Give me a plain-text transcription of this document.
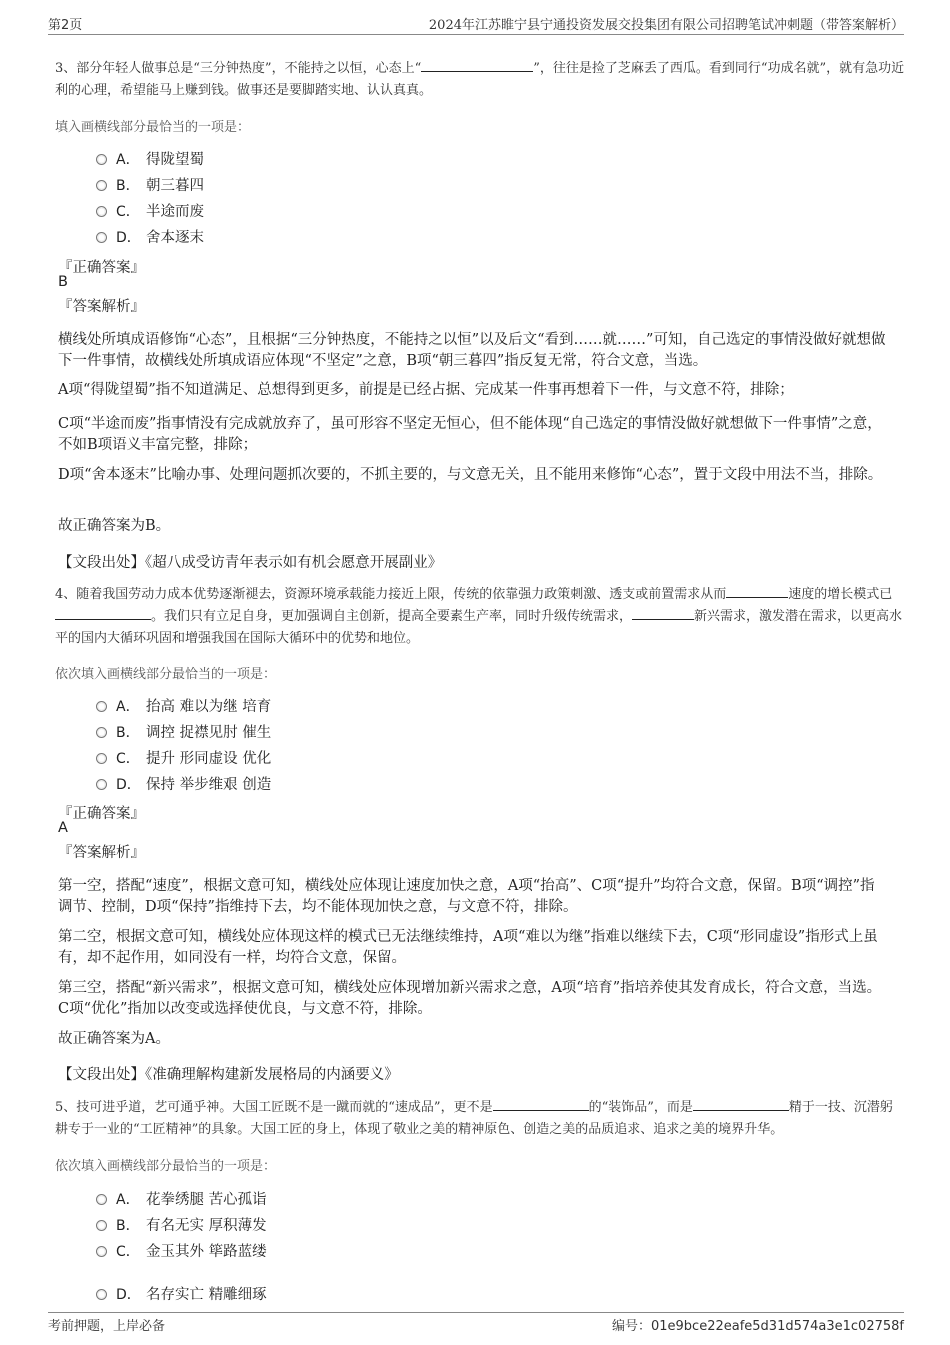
第2页	2024年江苏睢宁县宁通投资发展交投集团有限公司招聘笔试冲刺题（带答案解析）
3、部分年轻人做事总是“三分钟热度”，不能持之以恒，心态上“	”，往往是捡了芝麻丢了西瓜。看到同行“功成名就”，就有急功近利的心理，希望能马上赚到钱。做事还是要脚踏实地、认认真真。
填入画横线部分最恰当的一项是：
A． 得陇望蜀
B． 朝三暮四
C． 半途而废
D． 舍本逐末
『正确答案』
B
『答案解析』
横线处所填成语修饰“心态”，且根据“三分钟热度，不能持之以恒”以及后文“看到……就……”可知，自己选定的事情没做好就想做下一件事情，故横线处所填成语应体现“不坚定”之意，B项“朝三暮四”指反复无常，符合文意，当选。
A项“得陇望蜀”指不知道满足、总想得到更多，前提是已经占据、完成某一件事再想着下一件，与文意不符，排除；
C项“半途而废”指事情没有完成就放弃了，虽可形容不坚定无恒心，但不能体现“自己选定的事情没做好就想做下一件事情”之意，不如B项语义丰富完整，排除；
D项“舍本逐末”比喻办事、处理问题抓次要的，不抓主要的，与文意无关，且不能用来修饰“心态”，置于文段中用法不当，排除。
故正确答案为B。
【文段出处】《超八成受访青年表示如有机会愿意开展副业》
4、随着我国劳动力成本优势逐渐褪去，资源环境承载能力接近上限，传统的依靠强力政策刺激、透支或前置需求从而	速度的增长模式已。我们只有立足自身，更加强调自主创新，提高全要素生产率，同时升级传统需求，	新兴需求，激发潜在需求，以更高水平的国内大循环巩固和增强我国在国际大循环中的优势和地位。
依次填入画横线部分最恰当的一项是：
A． 抬高 难以为继 培育
B． 调控 捉襟见肘 催生
C． 提升 形同虚设 优化
D． 保持 举步维艰 创造
『正确答案』
A
『答案解析』
第一空，搭配“速度”，根据文意可知，横线处应体现让速度加快之意，A项“抬高”、C项“提升”均符合文意，保留。B项“调控”指调节、控制，D项“保持”指维持下去，均不能体现加快之意，与文意不符，排除。
第二空，根据文意可知，横线处应体现这样的模式已无法继续维持，A项“难以为继”指难以继续下去，C项“形同虚设”指形式上虽有，却不起作用，如同没有一样，均符合文意，保留。
第三空，搭配“新兴需求”，根据文意可知，横线处应体现增加新兴需求之意，A项“培育”指培养使其发育成长，符合文意，当选。C项“优化”指加以改变或选择使优良，与文意不符，排除。
故正确答案为A。
【文段出处】《准确理解构建新发展格局的内涵要义》
5、技可进乎道，艺可通乎神。大国工匠既不是一蹴而就的“速成品”，更不是	的“装饰品”，而是	精于一技、沉潜躬耕专于一业的“工匠精神”的具象。大国工匠的身上，体现了敬业之美的精神原色、创造之美的品质追求、追求之美的境界升华。
依次填入画横线部分最恰当的一项是：
A． 花拳绣腿 苦心孤诣
B． 有名无实 厚积薄发
C． 金玉其外 筚路蓝缕
D． 名存实亡 精雕细琢
考前押题，上岸必备	编号：01e9bce22eafe5d31d574a3e1c02758f
